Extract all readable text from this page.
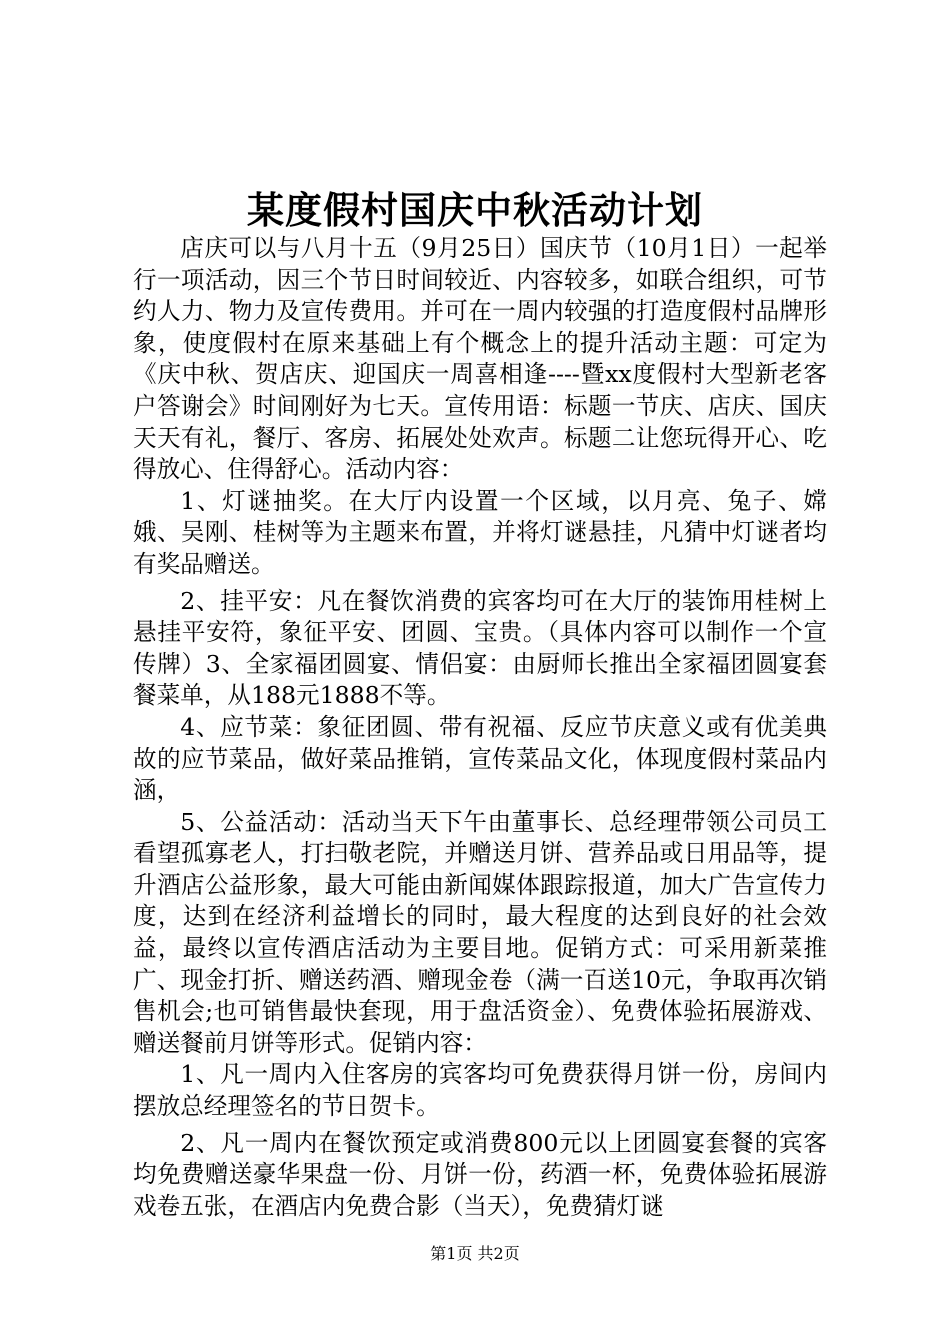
某度假村国庆中秋活动计划

店庆可以与八月十五（9月25日）国庆节（10月1日）一起举行一项活动，因三个节日时间较近、内容较多，如联合组织，可节约人力、物力及宣传费用。并可在一周内较强的打造度假村品牌形象，使度假村在原来基础上有个概念上的提升活动主题：可定为《庆中秋、贺店庆、迎国庆一周喜相逢----暨xx度假村大型新老客户答谢会》时间刚好为七天。宣传用语：标题一节庆、店庆、国庆天天有礼，餐厅、客房、拓展处处欢声。标题二让您玩得开心、吃得放心、住得舒心。活动内容：

1、灯谜抽奖。在大厅内设置一个区域，以月亮、兔子、嫦娥、吴刚、桂树等为主题来布置，并将灯谜悬挂，凡猜中灯谜者均有奖品赠送。

2、挂平安：凡在餐饮消费的宾客均可在大厅的装饰用桂树上悬挂平安符，象征平安、团圆、宝贵。（具体内容可以制作一个宣传牌）3、全家福团圆宴、情侣宴：由厨师长推出全家福团圆宴套餐菜单，从188元1888不等。

4、应节菜：象征团圆、带有祝福、反应节庆意义或有优美典故的应节菜品，做好菜品推销，宣传菜品文化，体现度假村菜品内涵，

5、公益活动：活动当天下午由董事长、总经理带领公司员工看望孤寡老人，打扫敬老院，并赠送月饼、营养品或日用品等，提升酒店公益形象，最大可能由新闻媒体跟踪报道，加大广告宣传力度，达到在经济利益增长的同时，最大程度的达到良好的社会效益，最终以宣传酒店活动为主要目地。促销方式：可采用新菜推广、现金打折、赠送药酒、赠现金卷（满一百送10元，争取再次销售机会;也可销售最快套现，用于盘活资金）、免费体验拓展游戏、赠送餐前月饼等形式。促销内容：

1、凡一周内入住客房的宾客均可免费获得月饼一份，房间内摆放总经理签名的节日贺卡。

2、凡一周内在餐饮预定或消费800元以上团圆宴套餐的宾客均免费赠送豪华果盘一份、月饼一份，药酒一杯，免费体验拓展游戏卷五张，在酒店内免费合影（当天），免费猜灯谜

第1页 共2页
